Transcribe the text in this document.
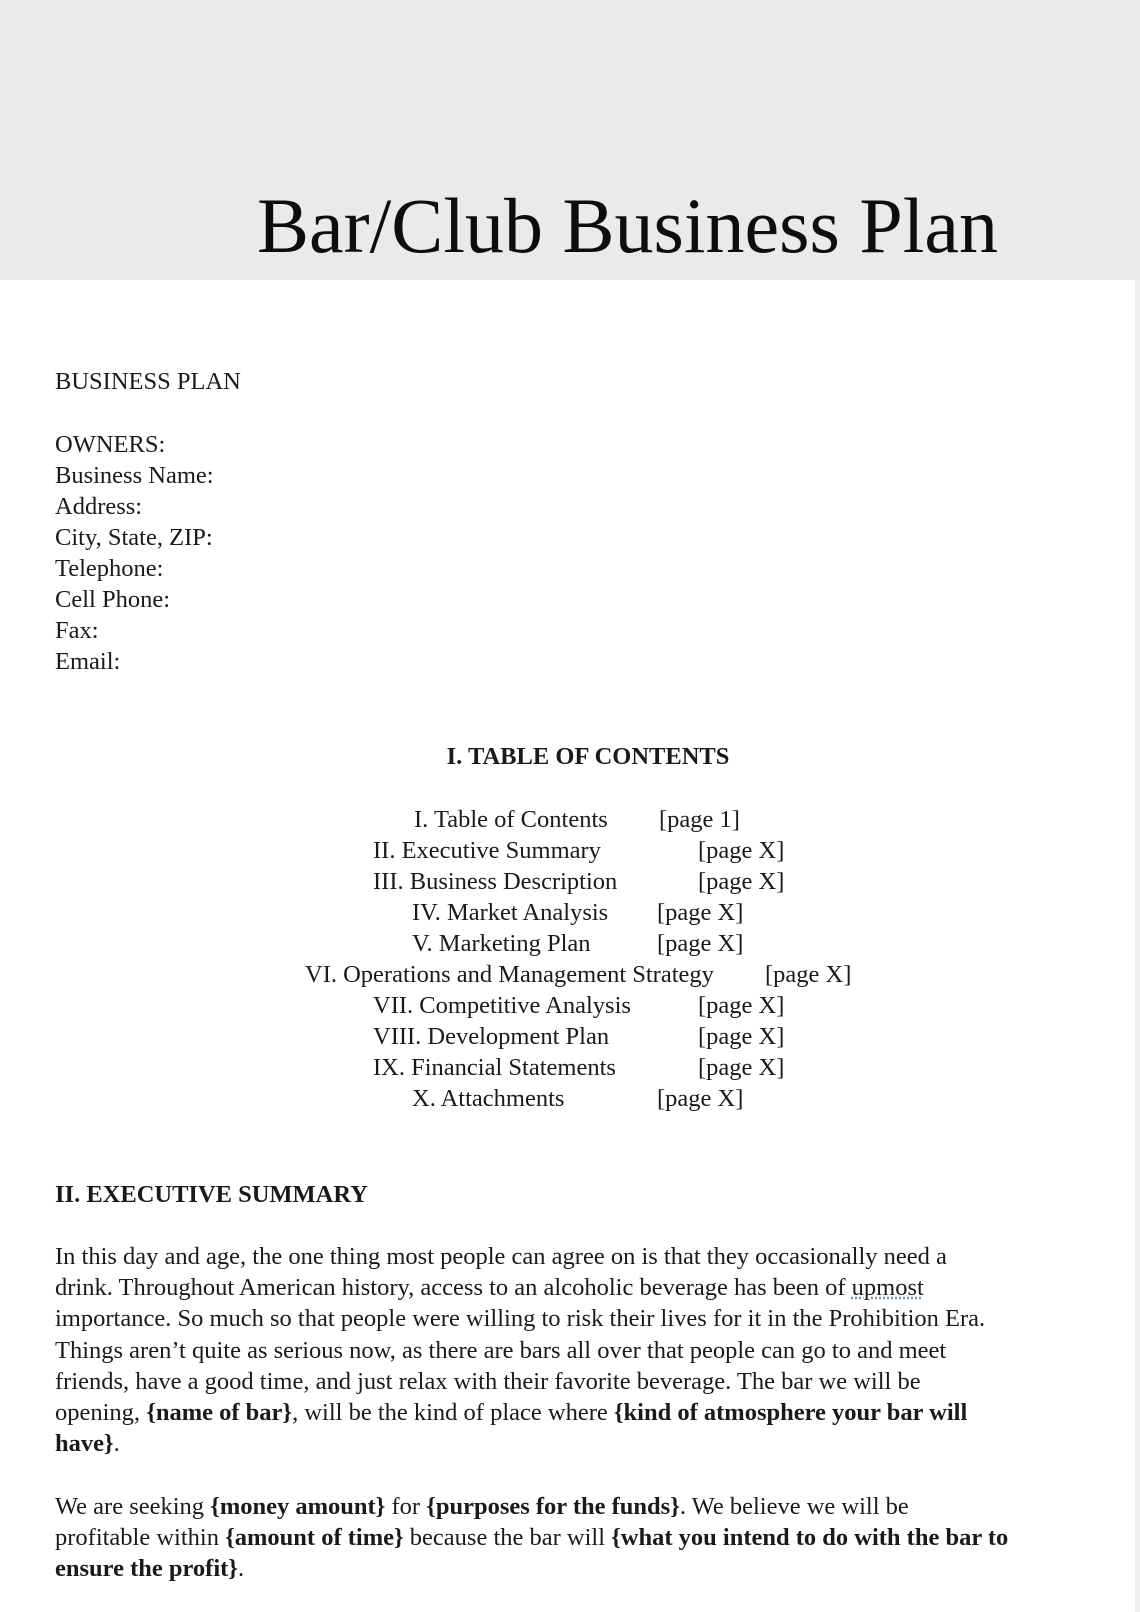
Bar/Club Business Plan
BUSINESS PLAN
OWNERS:
Business Name:
Address:
City, State, ZIP:
Telephone:
Cell Phone:
Fax:
Email:
I. TABLE OF CONTENTS
I. Table of Contents [page 1]
II. Executive Summary	[page X]
III. Business Description	[page X]
IV. Market Analysis [page X]
V. Marketing Plan	[page X]
VI. Operations and Management Strategy [page X]
VII. Competitive Analysis	[page X]
VIII. Development Plan	[page X]
IX. Financial Statements	[page X]
X. Attachments	[page X]
II. EXECUTIVE SUMMARY
In this day and age, the one thing most people can agree on is that they occasionally need a
drink. Throughout American history, access to an alcoholic beverage has been of upmost
importance. So much so that people were willing to risk their lives for it in the Prohibition Era.
Things aren’t quite as serious now, as there are bars all over that people can go to and meet
friends, have a good time, and just relax with their favorite beverage. The bar we will be
opening, {name of bar}, will be the kind of place where {kind of atmosphere your bar will
have}.
We are seeking {money amount} for {purposes for the funds}. We believe we will be
profitable within {amount of time} because the bar will {what you intend to do with the bar to
ensure the profit}.
